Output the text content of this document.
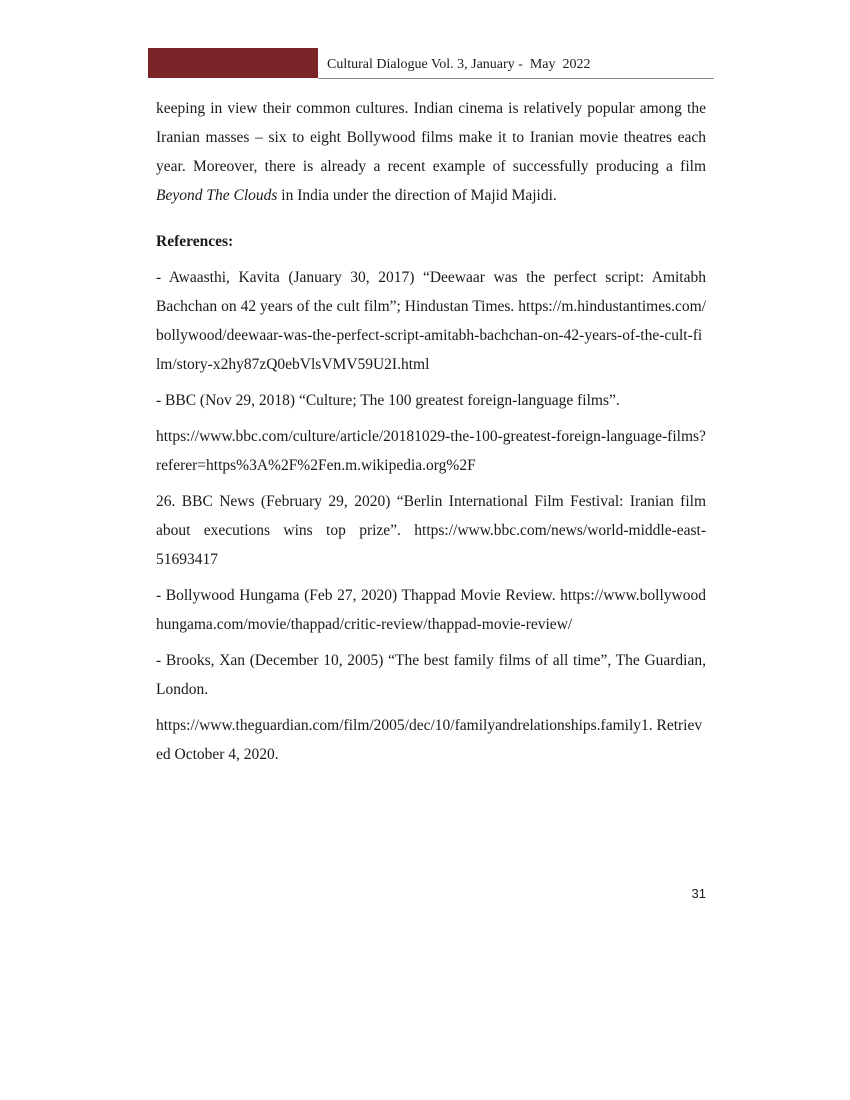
Cultural Dialogue Vol. 3, January -  May  2022

keeping in view their common cultures. Indian cinema is relatively popular among the Iranian masses – six to eight Bollywood films make it to Iranian movie theatres each year. Moreover, there is already a recent example of successfully producing a film Beyond The Clouds in India under the direction of Majid Majidi.

References:

- Awaasthi, Kavita (January 30, 2017) “Deewaar was the perfect script: Amitabh Bachchan on 42 years of the cult film”; Hindustan Times. https://m.hindustantimes.com/bollywood/deewaar-was-the-perfect-script-amitabh-bachchan-on-42-years-of-the-cult-film/story-x2hy87zQ0ebVlsVMV59U2I.html

- BBC (Nov 29, 2018) “Culture; The 100 greatest foreign-language films”.

https://www.bbc.com/culture/article/20181029-the-100-greatest-foreign-language-films?referer=https%3A%2F%2Fen.m.wikipedia.org%2F

26. BBC News (February 29, 2020) “Berlin International Film Festival: Iranian film about executions wins top prize”. https://www.bbc.com/news/world-middle-east-51693417

- Bollywood Hungama (Feb 27, 2020) Thappad Movie Review. https://www.bollywoodhungama.com/movie/thappad/critic-review/thappad-movie-review/

- Brooks, Xan (December 10, 2005) “The best family films of all time”, The Guardian, London.

https://www.theguardian.com/film/2005/dec/10/familyandrelationships.family1. Retrieved October 4, 2020.

31
